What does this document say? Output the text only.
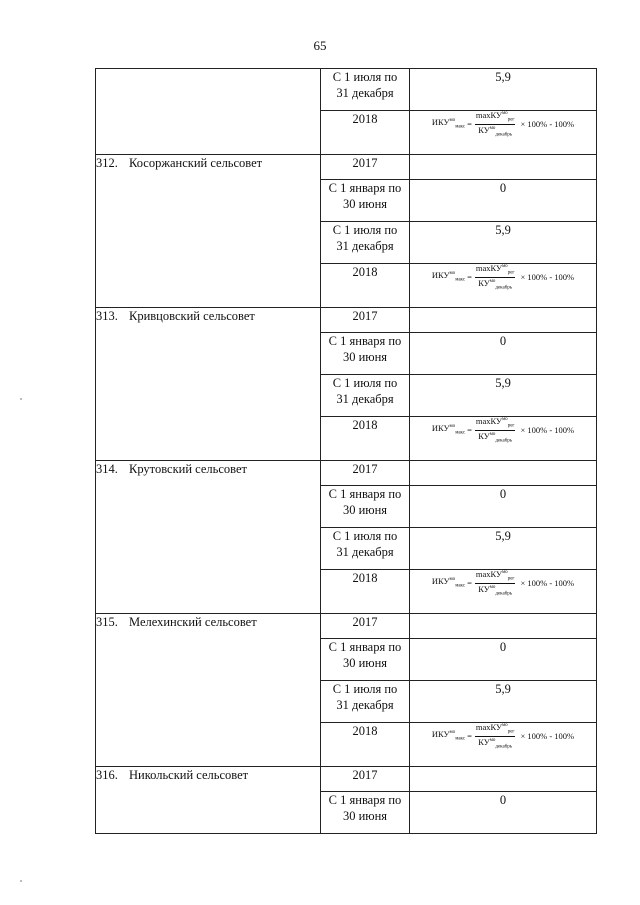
65

	С 1 июля по
31 декабря	5,9

	2018	$ИКУ^{мо}_{макс} = \frac{\max КУ^{мо}_{рег}}{КУ^{мо}_{декабрь}} \times 100\% - 100\%$

312. Косоржанский сельсовет	2017	

	С 1 января по
30 июня	0

	С 1 июля по
31 декабря	5,9

	2018	$ИКУ^{мо}_{макс} = \frac{\max КУ^{мо}_{рег}}{КУ^{мо}_{декабрь}} \times 100\% - 100\%$

313. Кривцовский сельсовет	2017	

	С 1 января по
30 июня	0

	С 1 июля по
31 декабря	5,9

	2018	$ИКУ^{мо}_{макс} = \frac{\max КУ^{мо}_{рег}}{КУ^{мо}_{декабрь}} \times 100\% - 100\%$

314. Крутовский сельсовет	2017	

	С 1 января по
30 июня	0

	С 1 июля по
31 декабря	5,9

	2018	$ИКУ^{мо}_{макс} = \frac{\max КУ^{мо}_{рег}}{КУ^{мо}_{декабрь}} \times 100\% - 100\%$

315. Мелехинский сельсовет	2017	

	С 1 января по
30 июня	0

	С 1 июля по
31 декабря	5,9

	2018	$ИКУ^{мо}_{макс} = \frac{\max КУ^{мо}_{рег}}{КУ^{мо}_{декабрь}} \times 100\% - 100\%$

316. Никольский сельсовет	2017	

	С 1 января по
30 июня	0
